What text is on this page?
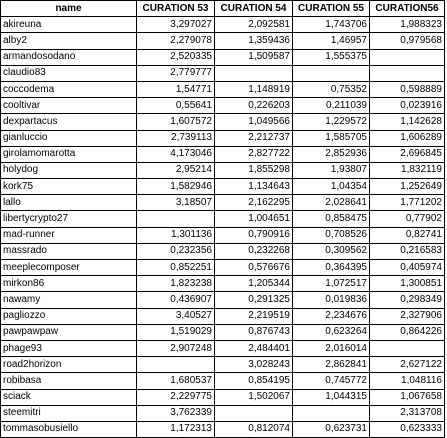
name	CURATION 53	CURATION 54	CURATION 55	CURATION56
akireuna	3,297027	2,092581	1,743706	1,988323
alby2	2,279078	1,359436	1,46957	0,979568
armandosodano	2,520335	1,509587	1,555375	
claudio83	2,779777			
coccodema	1,54771	1,148919	0,75352	0,598889
cooltivar	0,55641	0,226203	0,211039	0,023916
dexpartacus	1,607572	1,049566	1,229572	1,142628
gianluccio	2,739113	2,212737	1,585705	1,606289
girolamomarotta	4,173046	2,827722	2,852936	2,696845
holydog	2,95214	1,855298	1,93807	1,832119
kork75	1,582946	1,134643	1,04354	1,252649
lallo	3,18507	2,162295	2,028641	1,771202
libertycrypto27		1,004651	0,858475	0,77902
mad-runner	1,301136	0,790916	0,708526	0,82741
massrado	0,232356	0,232268	0,309562	0,216583
meeplecomposer	0,852251	0,576676	0,364395	0,405974
mirkon86	1,823238	1,205344	1,072517	1,300851
nawamy	0,436907	0,291325	0,019836	0,298349
pagliozzo	3,40527	2,219519	2,234676	2,327906
pawpawpaw	1,519029	0,876743	0,623264	0,864226
phage93	2,907248	2,484401	2,016014	
road2horizon		3,028243	2,862841	2,627122
robibasa	1,680537	0,854195	0,745772	1,048116
sciack	2,229775	1,502067	1,044315	1,067658
steemitri	3,762339			2,313708
tommasobusiello	1,172313	0,812074	0,623731	0,623333
